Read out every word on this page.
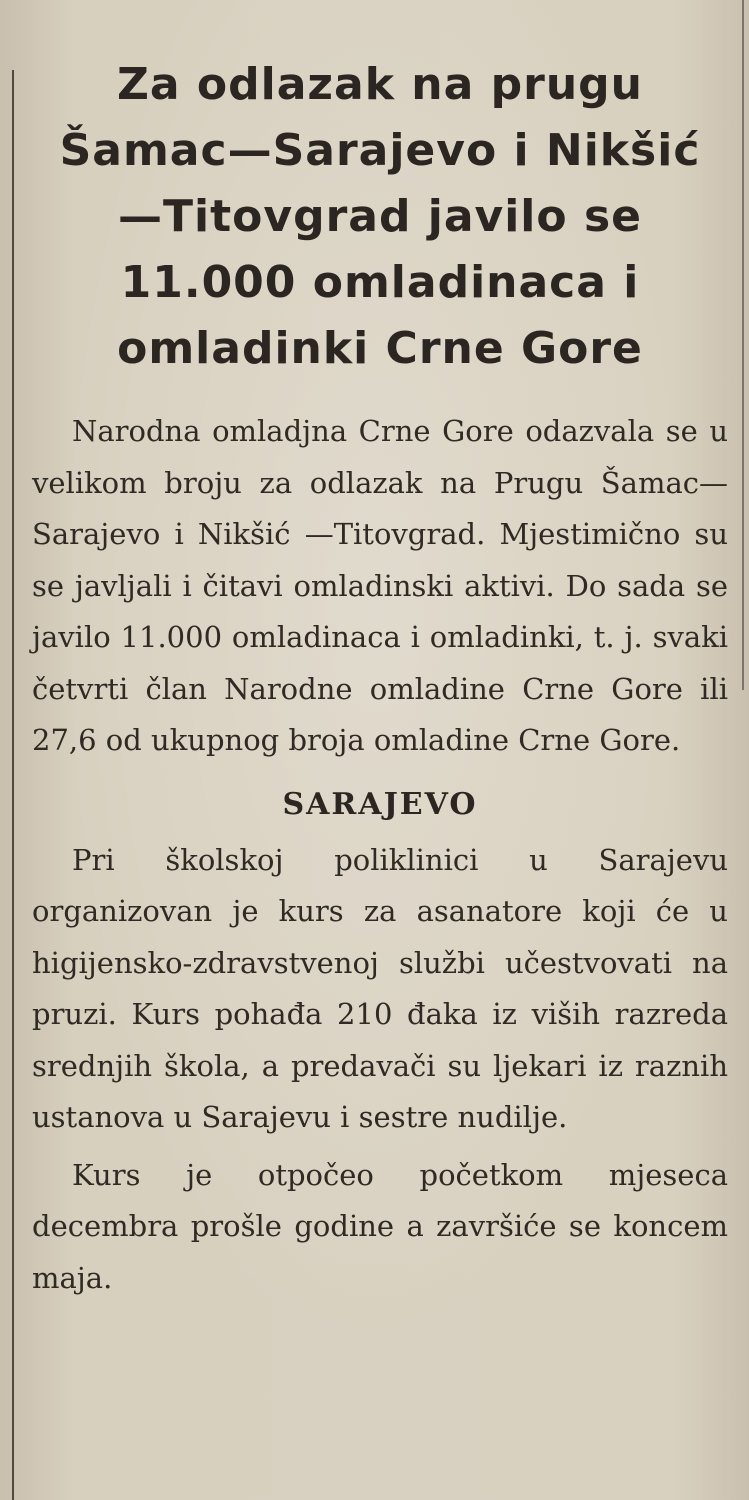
Za odlazak na prugu
Šamac—Sarajevo i Nikšić
—Titovgrad javilo se
11.000 omladinaca i
omladinki Crne Gore

Narodna omladjna Crne Gore odazvala se u velikom broju za odlazak na Prugu Šamac—Sarajevo i Nikšić —Titovgrad. Mjestimično su se javljali i čitavi omladinski aktivi. Do sada se javilo 11.000 omladinaca i omladinki, t. j. svaki četvrti član Narodne omladine Crne Gore ili 27,6 od ukupnog broja omladine Crne Gore.

SARAJEVO

Pri školskoj poliklinici u Sarajevu organizovan je kurs za asanatore koji će u higijensko-zdravstvenoj službi učestvovati na pruzi. Kurs pohađa 210 đaka iz viših razreda srednjih škola, a predavači su ljekari iz raznih ustanova u Sarajevu i sestre nudilje.

Kurs je otpočeo početkom mjeseca decembra prošle godine a završiće se koncem maja.
